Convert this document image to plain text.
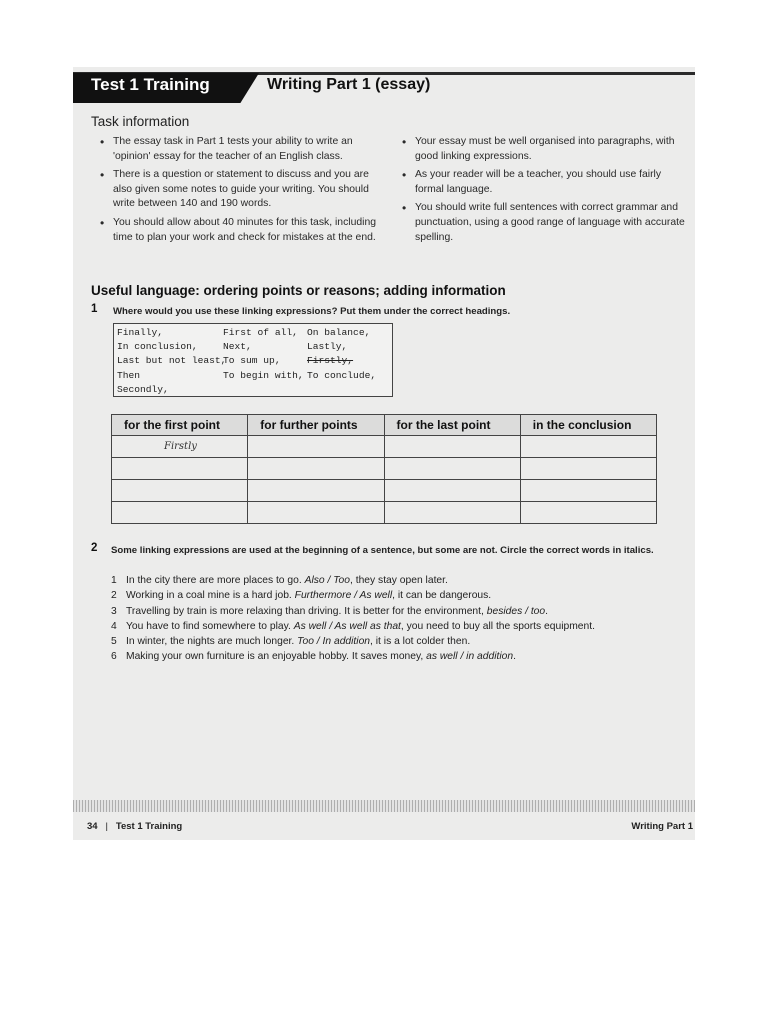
Test 1 Training	Writing Part 1 (essay)
Task information
• The essay task in Part 1 tests your ability to write an 'opinion' essay for the teacher of an English class.
• There is a question or statement to discuss and you are also given some notes to guide your writing. You should write between 140 and 190 words.
• You should allow about 40 minutes for this task, including time to plan your work and check for mistakes at the end.
• Your essay must be well organised into paragraphs, with good linking expressions.
• As your reader will be a teacher, you should use fairly formal language.
• You should write full sentences with correct grammar and punctuation, using a good range of language with accurate spelling.
Useful language: ordering points or reasons; adding information
1 Where would you use these linking expressions? Put them under the correct headings.
Finally,
In conclusion,
Last but not least,
Then
Secondly,
First of all,
Next,
To sum up,
To begin with,
On balance,
Lastly,
Firstly,
To conclude,
for the first point	for further points	for the last point	in the conclusion
Firstly			

2 Some linking expressions are used at the beginning of a sentence, but some are not. Circle the correct words in italics.
1 In the city there are more places to go. Also / Too, they stay open later.
2 Working in a coal mine is a hard job. Furthermore / As well, it can be dangerous.
3 Travelling by train is more relaxing than driving. It is better for the environment, besides / too.
4 You have to find somewhere to play. As well / As well as that, you need to buy all the sports equipment.
5 In winter, the nights are much longer. Too / In addition, it is a lot colder then.
6 Making your own furniture is an enjoyable hobby. It saves money, as well / in addition.
34 | Test 1 Training	Writing Part 1
